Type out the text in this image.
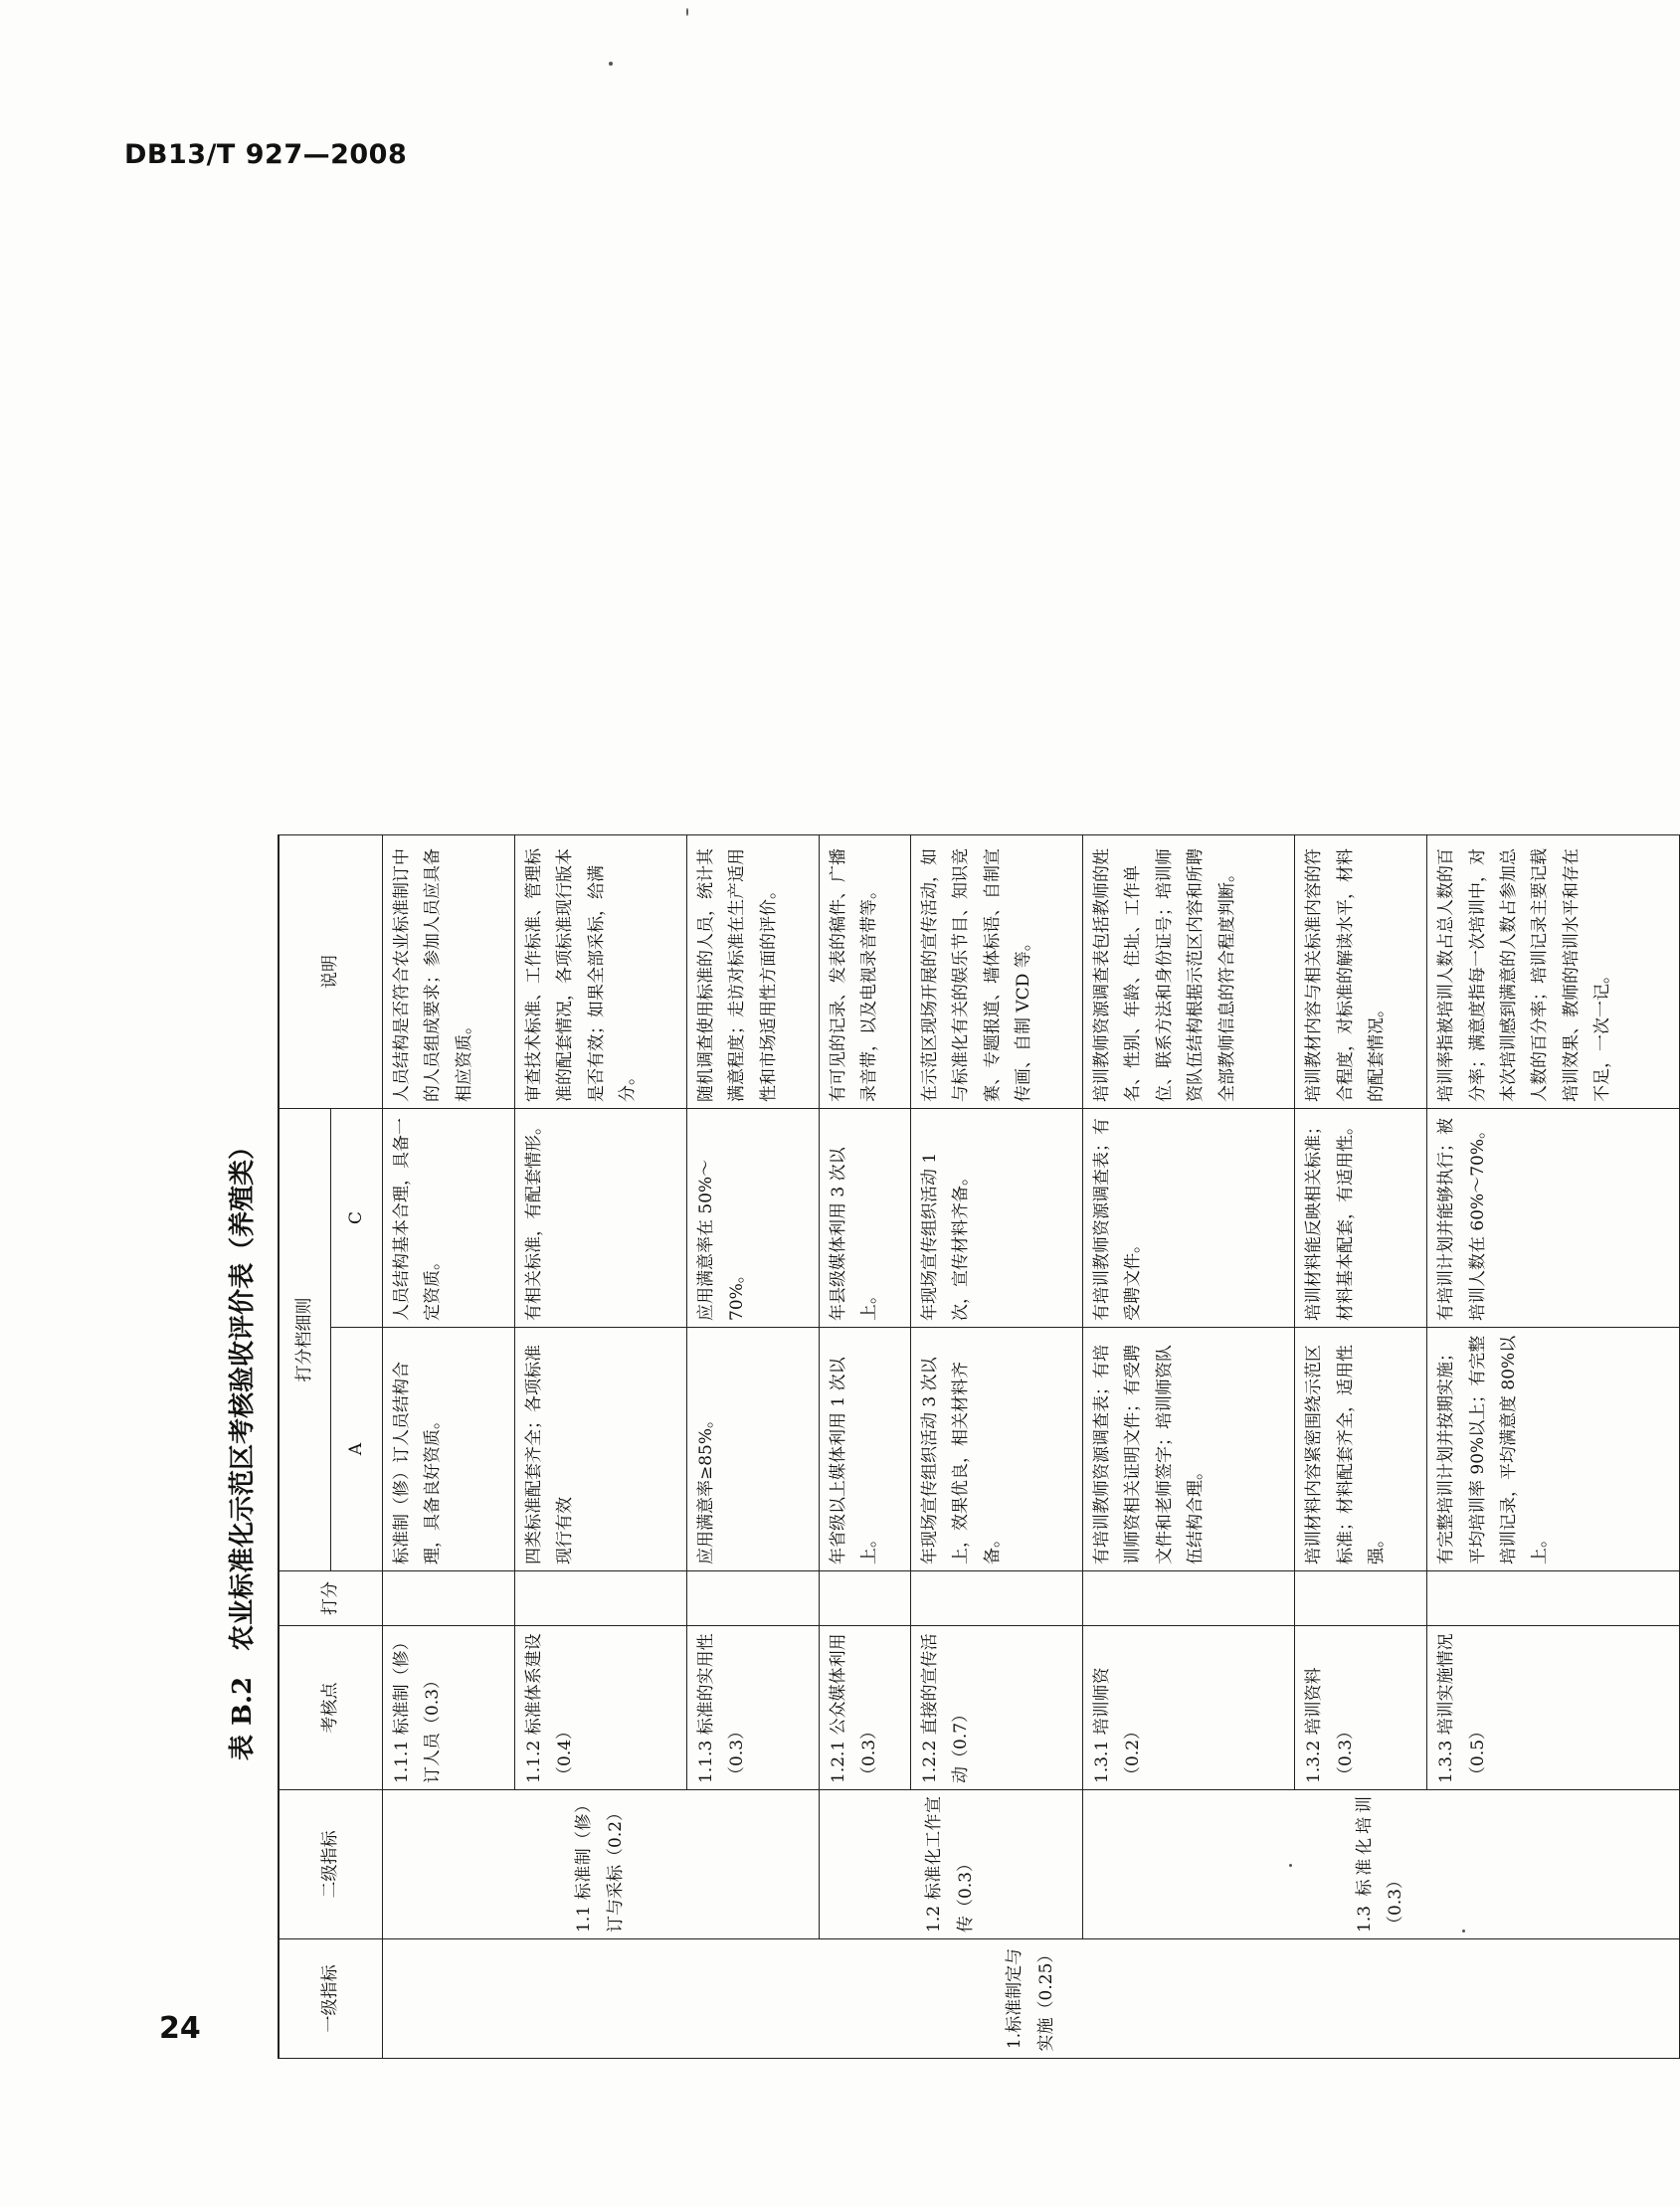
DB13/T 927—2008
表 B.2　农业标准化示范区考核验收评价表（养殖类）
一级指标	二级指标	考核点	打分	打分档细则		说明
				A	C	
1.标准制定与实施（0.25）	1.1 标准制（修）订与采标（0.2）	1.1.1 标准制（修）订人员（0.3）		标准制（修）订人员结构合理，具备良好资质。	人员结构基本合理，具备一定资质。	人员结构是否符合农业标准制订中的人员组成要求；参加人员应具备相应资质。
		1.1.2 标准体系建设（0.4）		四类标准配套齐全；各项标准现行有效	有相关标准，有配套情形。	审查技术标准、工作标准、管理标准的配套情况，各项标准现行版本是否有效；如果全部采标，给满分。
		1.1.3 标准的实用性（0.3）		应用满意率≥85%。	应用满意率在 50%～70%。	随机调查使用标准的人员，统计其满意程度；走访对标准在生产适用性和市场适用性方面的评价。
	1.2 标准化工作宣传（0.3）	1.2.1 公众媒体利用（0.3）		年省级以上媒体利用 1 次以上。	年县级媒体利用 3 次以上。	有可见的记录、发表的稿件、广播录音带，以及电视录音带等。
		1.2.2 直接的宣传活动（0.7）		年现场宣传组织活动 3 次以上，效果优良，相关材料齐备。	年现场宣传组织活动 1 次，宣传材料齐备。	在示范区现场开展的宣传活动，如与标准化有关的娱乐节目、知识竞赛、专题报道、墙体标语、自制宣传画、自制 VCD 等。
	1.3 标准化培训（0.3）	1.3.1 培训师资（0.2）		有培训教师资源调查表；有培训师资相关证明文件；有受聘文件和老师签字；培训师资队伍结构合理。	有培训教师资源调查表；有受聘文件。	培训教师资源调查表包括教师的姓名、性别、年龄、住址、工作单位、联系方法和身份证号；培训师资队伍结构根据示范区内容和所聘全部教师信息的符合程度判断。
		1.3.2 培训资料（0.3）		培训材料内容紧密围绕示范区标准；材料配套齐全，适用性强。	培训材料能反映相关标准；材料基本配套，有适用性。	培训教材内容与相关标准内容的符合程度，对标准的解读水平，材料的配套情况。
		1.3.3 培训实施情况（0.5）		有完整培训计划并按期实施；平均培训率 90%以上；有完整培训记录，平均满意度 80%以上。	有培训计划并能够执行；被培训人数在 60%～70%。	培训率指被培训人数占总人数的百分率；满意度指每一次培训中，对本次培训感到满意的人数占参加总人数的百分率；培训记录主要记载培训效果、教师的培训水平和存在不足，一次一记。
24
